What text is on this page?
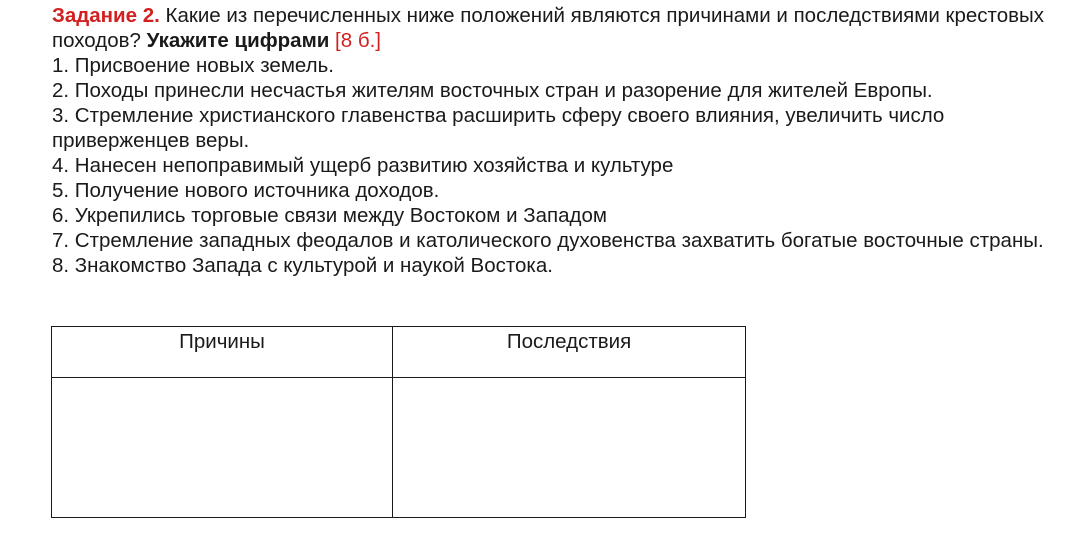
Задание 2. Какие из перечисленных ниже положений являются причинами и последствиями крестовых походов? Укажите цифрами [8 б.]

1. Присвоение новых земель.

2. Походы принесли несчастья жителям восточных стран и разорение для жителей Европы.

3. Стремление христианского главенства расширить сферу своего влияния, увеличить число приверженцев веры.

4. Нанесен непоправимый ущерб развитию хозяйства и культуре

5. Получение нового источника доходов.

6. Укрепились торговые связи между Востоком и Западом

7. Стремление западных феодалов и католического духовенства захватить богатые восточные страны.

8. Знакомство Запада с культурой и наукой Востока.

Причины	Последствия
